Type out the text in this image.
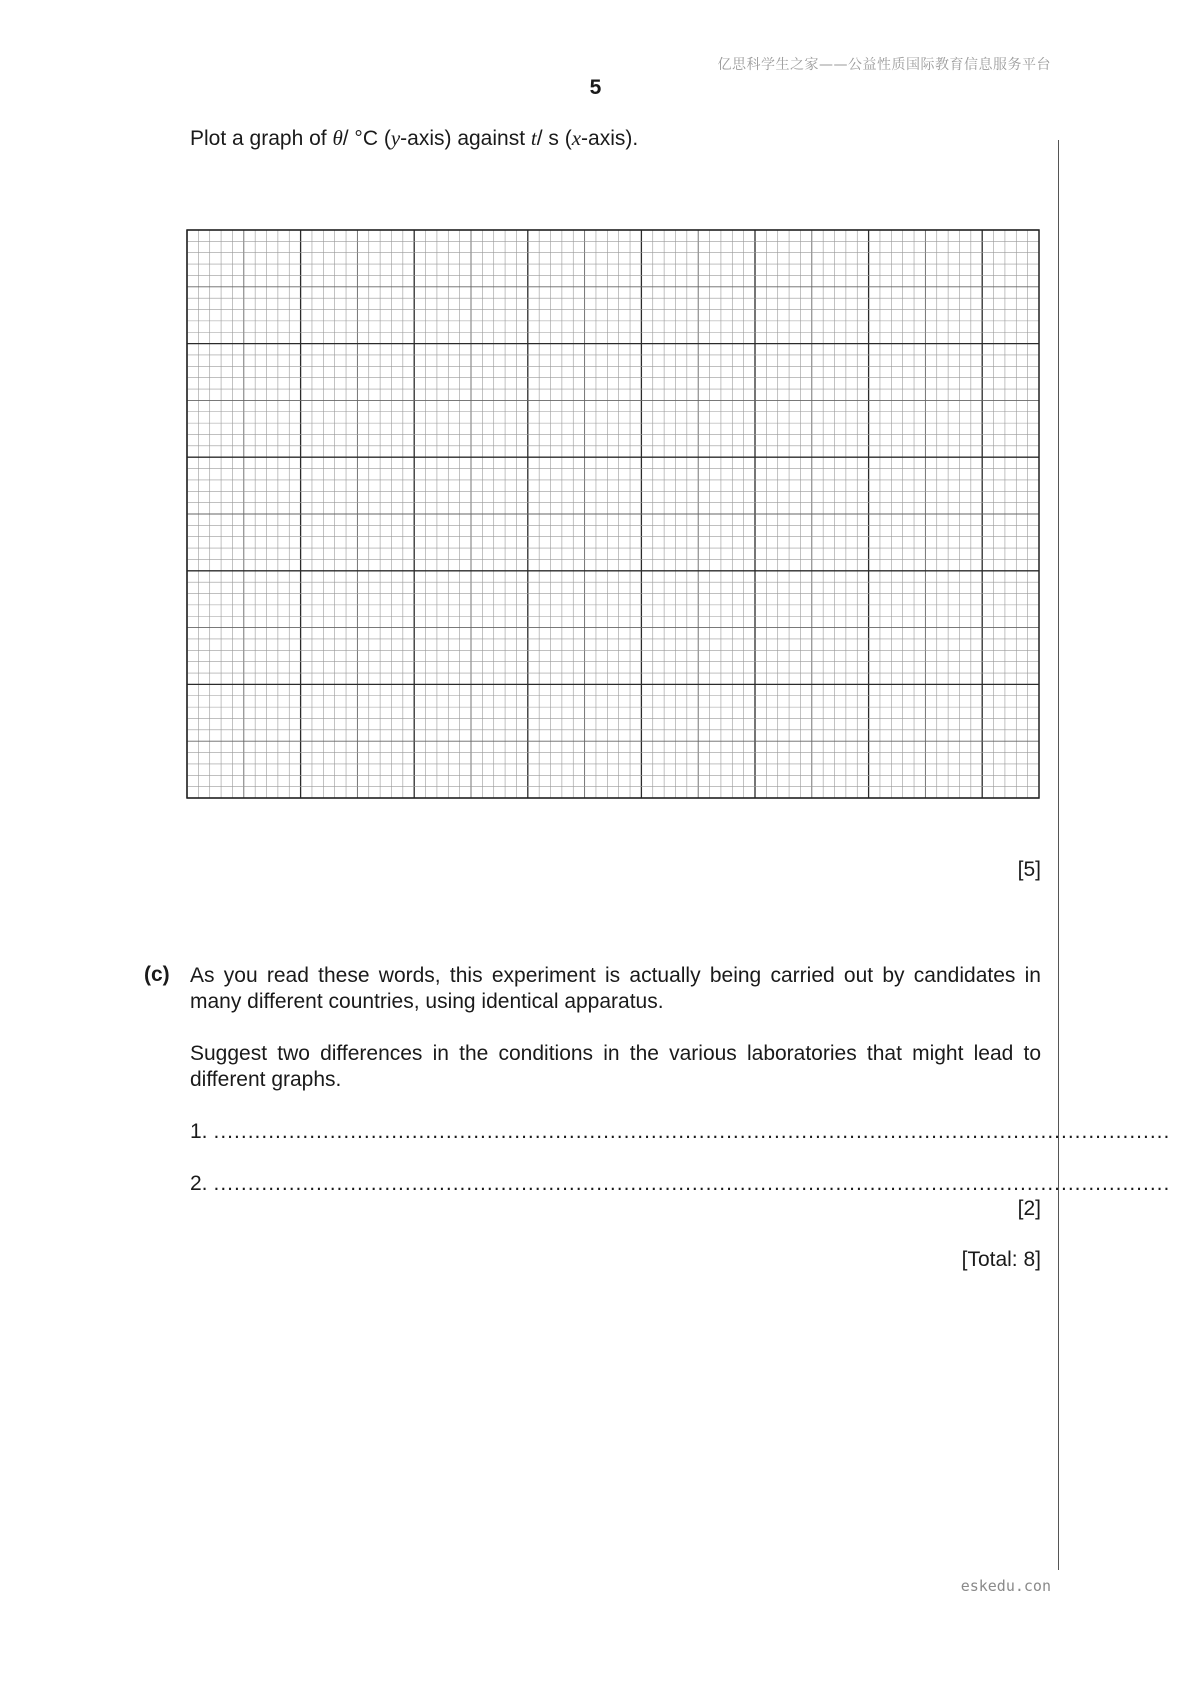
亿思科学生之家——公益性质国际教育信息服务平台
5
Plot a graph of θ/ °C (y-axis) against t/ s (x-axis).
[5]
(c) As you read these words, this experiment is actually being carried out by candidates in many different countries, using identical apparatus.
Suggest two differences in the conditions in the various laboratories that might lead to different graphs.
1. ............................................................................................................................................
2. ............................................................................................................................................
[2]
[Total: 8]
eskedu.con
